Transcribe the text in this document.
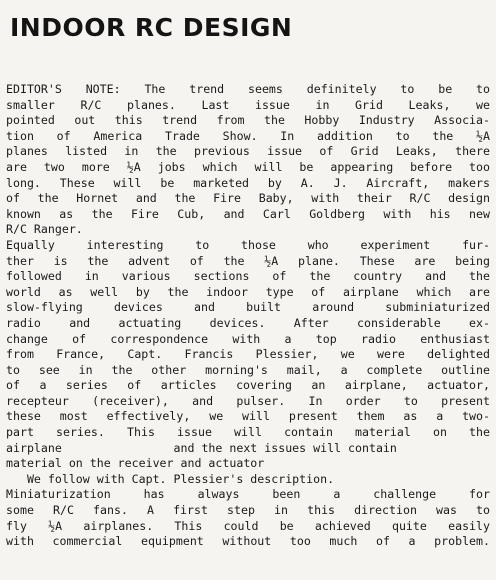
INDOOR RC DESIGN
EDITOR'S NOTE: The trend seems definitely to be to
smaller R/C planes. Last issue in Grid Leaks, we
pointed out this trend from the Hobby Industry Associa-
tion of America Trade Show. In addition to the ½A
planes listed in the previous issue of Grid Leaks, there
are two more ½A jobs which will be appearing before too
long. These will be marketed by A. J. Aircraft, makers
of the Hornet and the Fire Baby, with their R/C design
known as the Fire Cub, and Carl Goldberg with his new
R/C Ranger.
Equally interesting to those who experiment fur-
ther is the advent of the ½A plane. These are being
followed in various sections of the country and the
world as well by the indoor type of airplane which are
slow-flying devices and built around subminiaturized
radio and actuating devices. After considerable ex-
change of correspondence with a top radio enthusiast
from France, Capt. Francis Plessier, we were delighted
to see in the other morning's mail, a complete outline
of a series of articles covering an airplane, actuator,
recepteur (receiver), and pulser. In order to present
these most effectively, we will present them as a two-
part series. This issue will contain material on the
airplane                and the next issues will contain
material on the receiver and actuator
We follow with Capt. Plessier's description.
Miniaturization has always been a challenge for
some R/C fans. A first step in this direction was to
fly ½A airplanes. This could be achieved quite easily
with commercial equipment without too much of a problem.
